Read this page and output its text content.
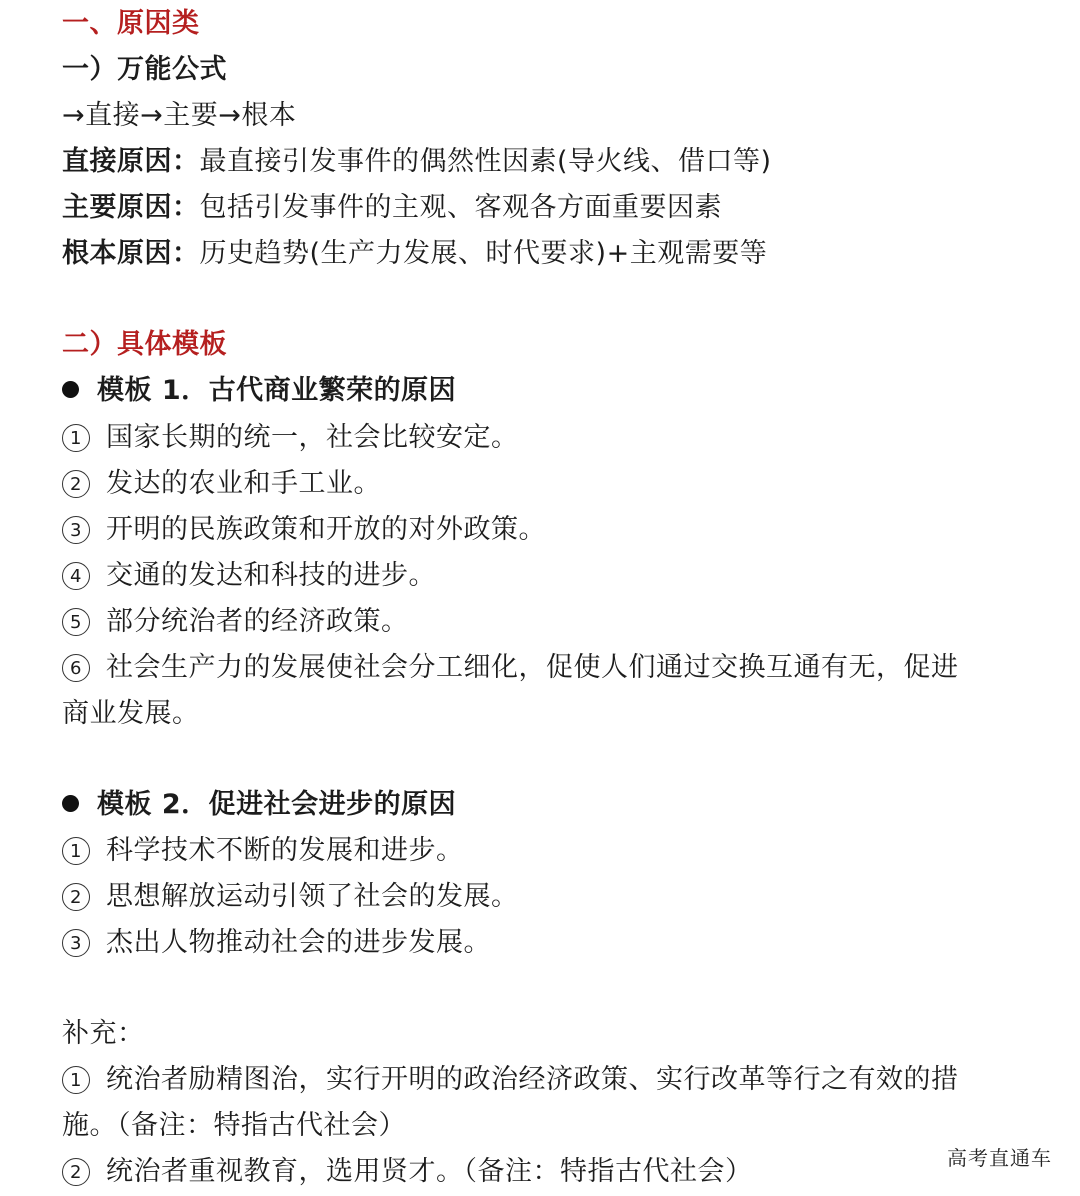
一、原因类
一）万能公式
→直接→主要→根本
直接原因：最直接引发事件的偶然性因素(导火线、借口等)
主要原因：包括引发事件的主观、客观各方面重要因素
根本原因：历史趋势(生产力发展、时代要求)+主观需要等
二）具体模板
模板 1．古代商业繁荣的原因
1 国家长期的统一，社会比较安定。
2 发达的农业和手工业。
3 开明的民族政策和开放的对外政策。
4 交通的发达和科技的进步。
5 部分统治者的经济政策。
6 社会生产力的发展使社会分工细化，促使人们通过交换互通有无，促进
商业发展。
模板 2．促进社会进步的原因
1 科学技术不断的发展和进步。
2 思想解放运动引领了社会的发展。
3 杰出人物推动社会的进步发展。
补充：
1 统治者励精图治，实行开明的政治经济政策、实行改革等行之有效的措
施。（备注：特指古代社会）
2 统治者重视教育，选用贤才。（备注：特指古代社会）	高考直通车
